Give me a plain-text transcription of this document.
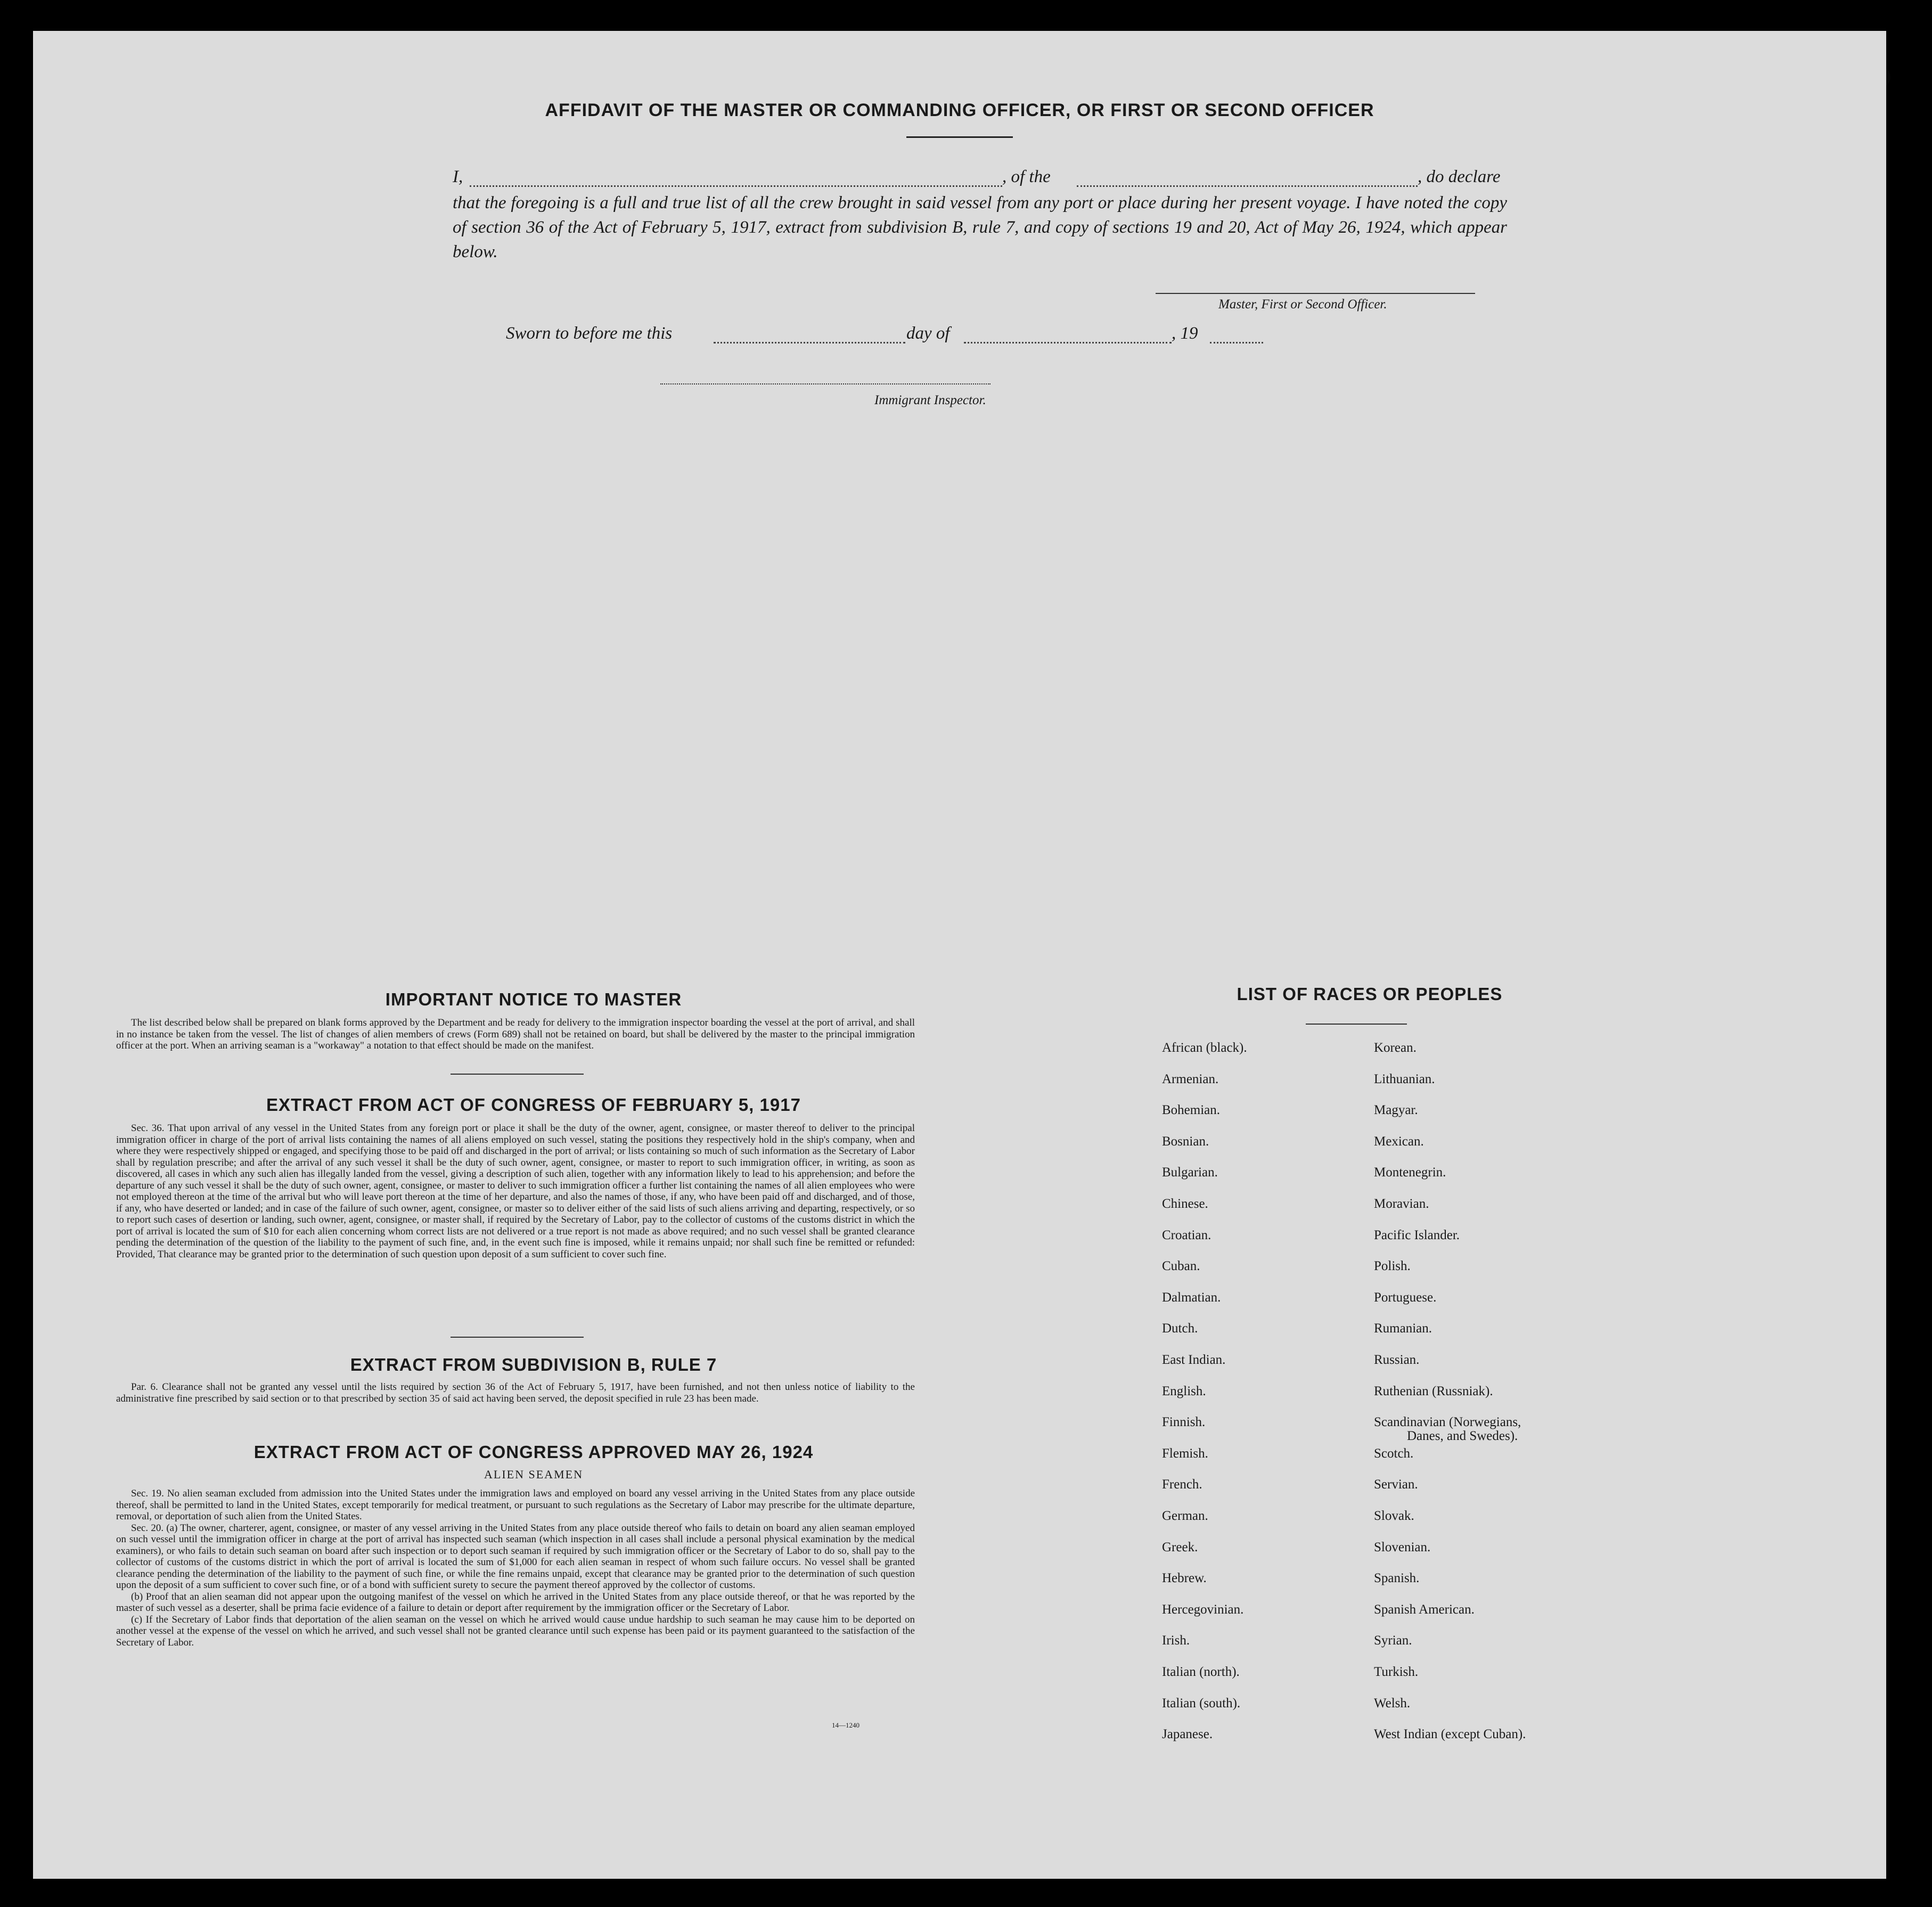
AFFIDAVIT OF THE MASTER OR COMMANDING OFFICER, OR FIRST OR SECOND OFFICER
I,	, of the	, do declare
that the foregoing is a full and true list of all the crew brought in said vessel from any port or place during her present voyage. I have noted the copy of section 36 of the Act of February 5, 1917, extract from subdivision B, rule 7, and copy of sections 19 and 20, Act of May 26, 1924, which appear below.
Master, First or Second Officer.
Sworn to before me this	day of	, 19
Immigrant Inspector.
IMPORTANT NOTICE TO MASTER

The list described below shall be prepared on blank forms approved by the Department and be ready for delivery to the immigration inspector boarding the vessel at the port of arrival, and shall in no instance be taken from the vessel. The list of changes of alien members of crews (Form 689) shall not be retained on board, but shall be delivered by the master to the principal immigration officer at the port. When an arriving seaman is a "workaway" a notation to that effect should be made on the manifest.

EXTRACT FROM ACT OF CONGRESS OF FEBRUARY 5, 1917

Sec. 36. That upon arrival of any vessel in the United States from any foreign port or place it shall be the duty of the owner, agent, consignee, or master thereof to deliver to the principal immigration officer in charge of the port of arrival lists containing the names of all aliens employed on such vessel, stating the positions they respectively hold in the ship's company, when and where they were respectively shipped or engaged, and specifying those to be paid off and discharged in the port of arrival; or lists containing so much of such information as the Secretary of Labor shall by regulation prescribe; and after the arrival of any such vessel it shall be the duty of such owner, agent, consignee, or master to report to such immigration officer, in writing, as soon as discovered, all cases in which any such alien has illegally landed from the vessel, giving a description of such alien, together with any information likely to lead to his apprehension; and before the departure of any such vessel it shall be the duty of such owner, agent, consignee, or master to deliver to such immigration officer a further list containing the names of all alien employees who were not employed thereon at the time of the arrival but who will leave port thereon at the time of her departure, and also the names of those, if any, who have been paid off and discharged, and of those, if any, who have deserted or landed; and in case of the failure of such owner, agent, consignee, or master so to deliver either of the said lists of such aliens arriving and departing, respectively, or so to report such cases of desertion or landing, such owner, agent, consignee, or master shall, if required by the Secretary of Labor, pay to the collector of customs of the customs district in which the port of arrival is located the sum of $10 for each alien concerning whom correct lists are not delivered or a true report is not made as above required; and no such vessel shall be granted clearance pending the determination of the question of the liability to the payment of such fine, and, in the event such fine is imposed, while it remains unpaid; nor shall such fine be remitted or refunded: Provided, That clearance may be granted prior to the determination of such question upon deposit of a sum sufficient to cover such fine.

EXTRACT FROM SUBDIVISION B, RULE 7

Par. 6. Clearance shall not be granted any vessel until the lists required by section 36 of the Act of February 5, 1917, have been furnished, and not then unless notice of liability to the administrative fine prescribed by said section or to that prescribed by section 35 of said act having been served, the deposit specified in rule 23 has been made.

EXTRACT FROM ACT OF CONGRESS APPROVED MAY 26, 1924
ALIEN SEAMEN

Sec. 19. No alien seaman excluded from admission into the United States under the immigration laws and employed on board any vessel arriving in the United States from any place outside thereof, shall be permitted to land in the United States, except temporarily for medical treatment, or pursuant to such regulations as the Secretary of Labor may prescribe for the ultimate departure, removal, or deportation of such alien from the United States.

Sec. 20. (a) The owner, charterer, agent, consignee, or master of any vessel arriving in the United States from any place outside thereof who fails to detain on board any alien seaman employed on such vessel until the immigration officer in charge at the port of arrival has inspected such seaman (which inspection in all cases shall include a personal physical examination by the medical examiners), or who fails to detain such seaman on board after such inspection or to deport such seaman if required by such immigration officer or the Secretary of Labor to do so, shall pay to the collector of customs of the customs district in which the port of arrival is located the sum of $1,000 for each alien seaman in respect of whom such failure occurs. No vessel shall be granted clearance pending the determination of the liability to the payment of such fine, or while the fine remains unpaid, except that clearance may be granted prior to the determination of such question upon the deposit of a sum sufficient to cover such fine, or of a bond with sufficient surety to secure the payment thereof approved by the collector of customs.

(b) Proof that an alien seaman did not appear upon the outgoing manifest of the vessel on which he arrived in the United States from any place outside thereof, or that he was reported by the master of such vessel as a deserter, shall be prima facie evidence of a failure to detain or deport after requirement by the immigration officer or the Secretary of Labor.

(c) If the Secretary of Labor finds that deportation of the alien seaman on the vessel on which he arrived would cause undue hardship to such seaman he may cause him to be deported on another vessel at the expense of the vessel on which he arrived, and such vessel shall not be granted clearance until such expense has been paid or its payment guaranteed to the satisfaction of the Secretary of Labor.

14—1240
LIST OF RACES OR PEOPLES
African (black).
Armenian.
Bohemian.
Bosnian.
Bulgarian.
Chinese.
Croatian.
Cuban.
Dalmatian.
Dutch.
East Indian.
English.
Finnish.
Flemish.
French.
German.
Greek.
Hebrew.
Hercegovinian.
Irish.
Italian (north).
Italian (south).
Japanese.
Korean.
Lithuanian.
Magyar.
Mexican.
Montenegrin.
Moravian.
Pacific Islander.
Polish.
Portuguese.
Rumanian.
Russian.
Ruthenian (Russniak).
Scandinavian (Norwegians,
Danes, and Swedes).
Scotch.
Servian.
Slovak.
Slovenian.
Spanish.
Spanish American.
Syrian.
Turkish.
Welsh.
West Indian (except Cuban).
